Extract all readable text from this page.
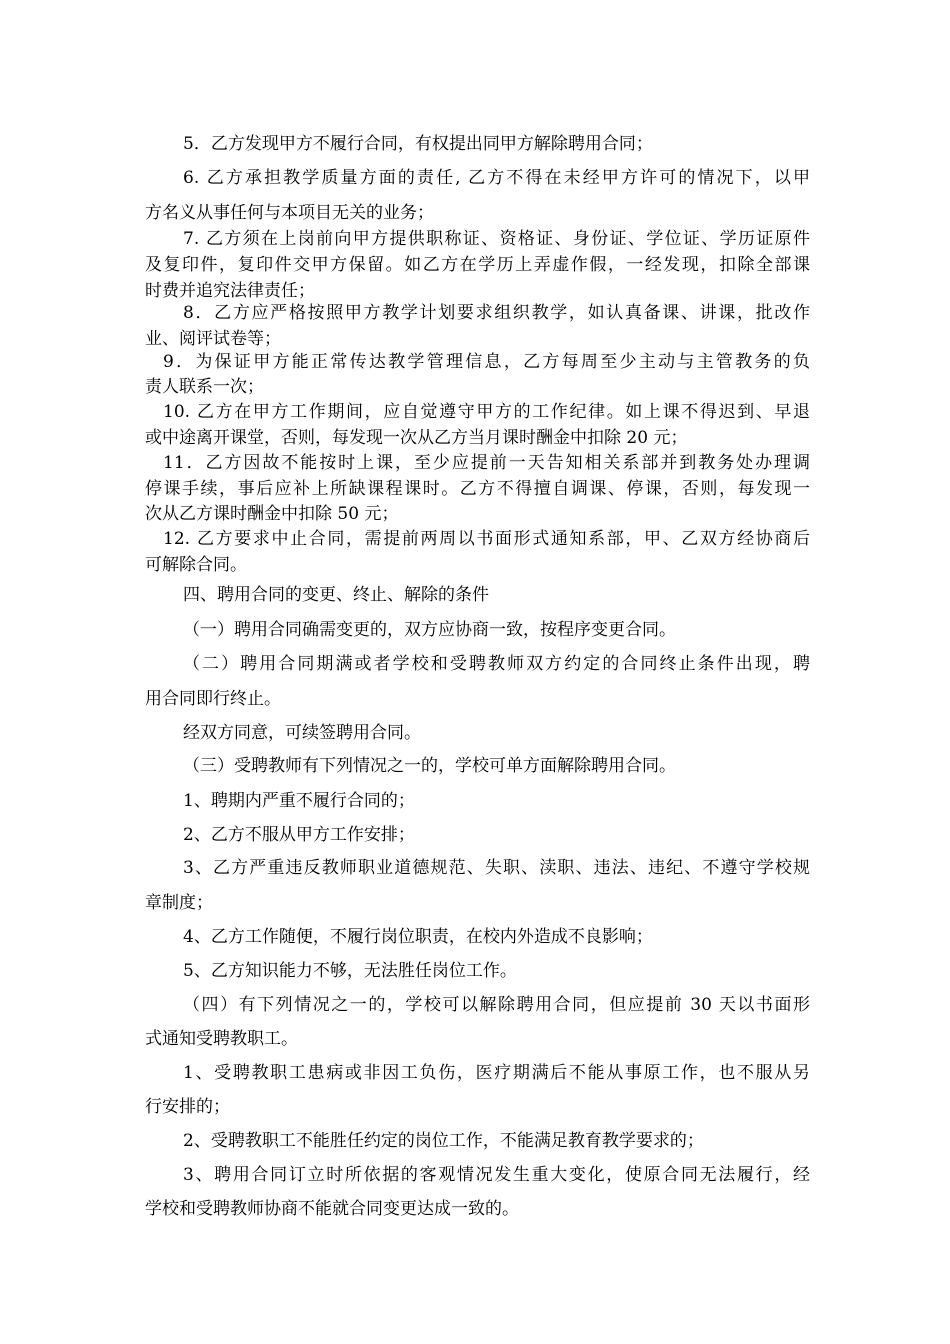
5．乙方发现甲方不履行合同，有权提出同甲方解除聘用合同；
6. 乙方承担教学质量方面的责任, 乙方不得在未经甲方许可的情况下，以甲
方名义从事任何与本项目无关的业务；
7. 乙方须在上岗前向甲方提供职称证、资格证、身份证、学位证、学历证原件
及复印件，复印件交甲方保留。如乙方在学历上弄虚作假，一经发现，扣除全部课
时费并追究法律责任；
8．乙方应严格按照甲方教学计划要求组织教学，如认真备课、讲课，批改作
业、阅评试卷等；
9．为保证甲方能正常传达教学管理信息，乙方每周至少主动与主管教务的负
责人联系一次；
10. 乙方在甲方工作期间，应自觉遵守甲方的工作纪律。如上课不得迟到、早退
或中途离开课堂，否则，每发现一次从乙方当月课时酬金中扣除 20 元；
11．乙方因故不能按时上课，至少应提前一天告知相关系部并到教务处办理调
停课手续，事后应补上所缺课程课时。乙方不得擅自调课、停课，否则，每发现一
次从乙方课时酬金中扣除 50 元；
12. 乙方要求中止合同，需提前两周以书面形式通知系部，甲、乙双方经协商后
可解除合同。
四、聘用合同的变更、终止、解除的条件
（一）聘用合同确需变更的，双方应协商一致，按程序变更合同。
（二）聘用合同期满或者学校和受聘教师双方约定的合同终止条件出现，聘
用合同即行终止。
经双方同意，可续签聘用合同。
（三）受聘教师有下列情况之一的，学校可单方面解除聘用合同。
1、聘期内严重不履行合同的；
2、乙方不服从甲方工作安排；
3、乙方严重违反教师职业道德规范、失职、渎职、违法、违纪、不遵守学校规
章制度；
4、乙方工作随便，不履行岗位职责，在校内外造成不良影响；
5、乙方知识能力不够，无法胜任岗位工作。
（四）有下列情况之一的，学校可以解除聘用合同，但应提前 30 天以书面形
式通知受聘教职工。
1、受聘教职工患病或非因工负伤，医疗期满后不能从事原工作，也不服从另
行安排的；
2、受聘教职工不能胜任约定的岗位工作，不能满足教育教学要求的；
3、聘用合同订立时所依据的客观情况发生重大变化，使原合同无法履行，经
学校和受聘教师协商不能就合同变更达成一致的。
